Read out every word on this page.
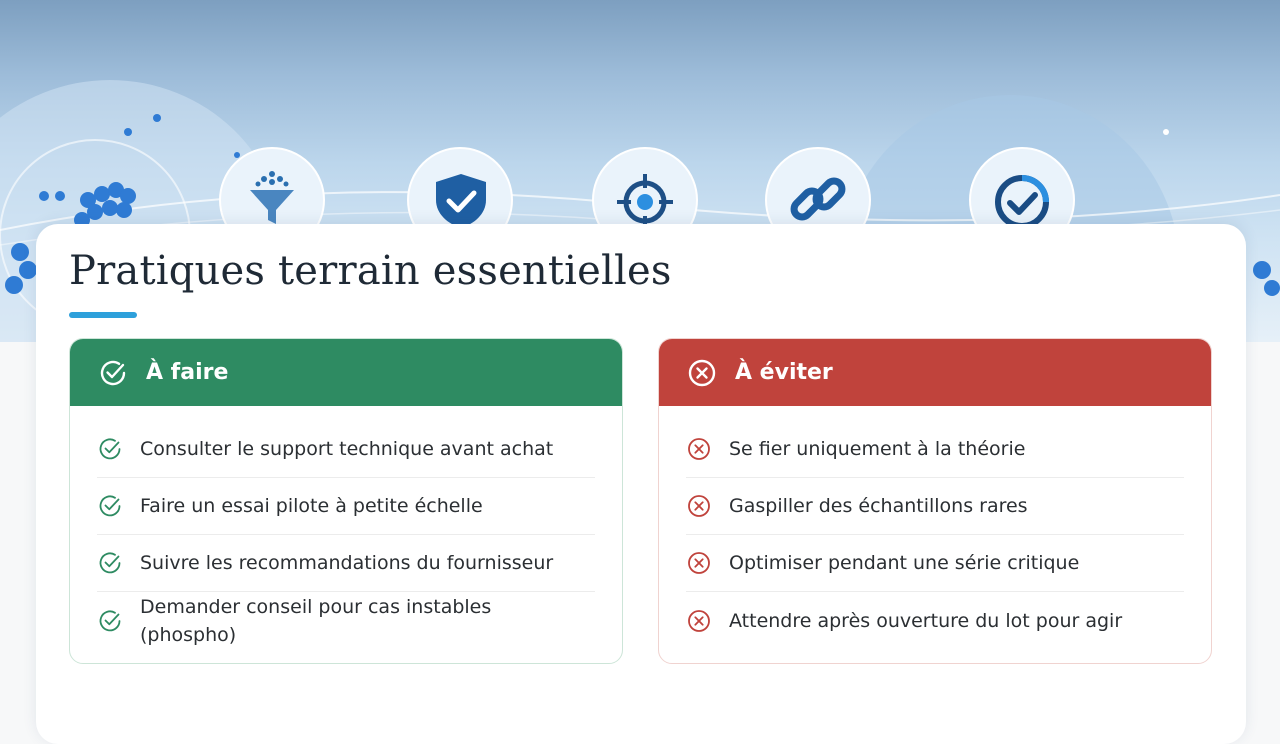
Pratiques terrain essentielles
À faire
Consulter le support technique avant achat
Faire un essai pilote à petite échelle
Suivre les recommandations du fournisseur
Demander conseil pour cas instables (phospho)
À éviter
Se fier uniquement à la théorie
Gaspiller des échantillons rares
Optimiser pendant une série critique
Attendre après ouverture du lot pour agir
